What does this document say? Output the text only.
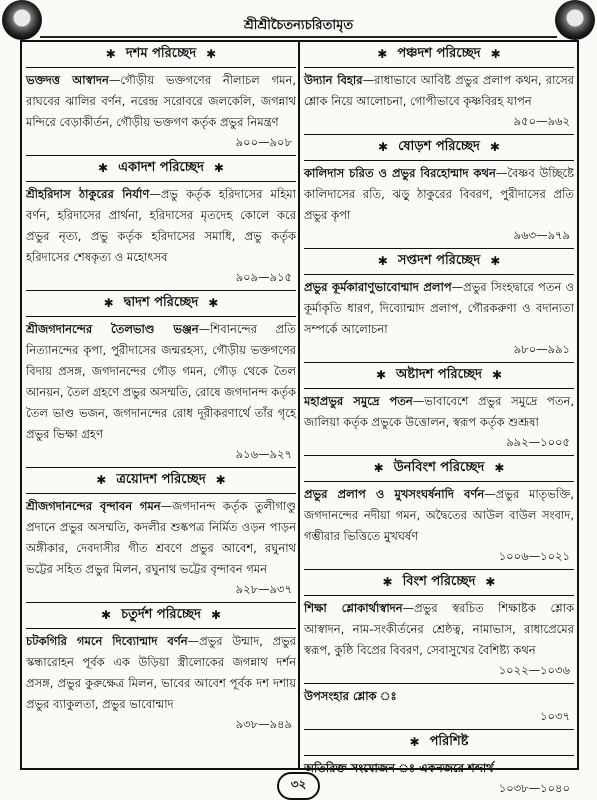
শ্রীশ্রীচৈতন্যচরিতামৃত
✱ দশম পরিচ্ছেদ ✱
ভক্তদত্ত আস্বাদন—গৌড়ীয় ভক্তগণের নীলাচল গমন, রাঘবের ঝালির বর্ণন, নরেন্দ্র সরোবরে জলকেলি, জগন্নাথ মন্দিরে বেড়াকীর্তন, গৌড়ীয় ভক্তগণ কর্তৃক প্রভুর নিমন্ত্রণ
৯০০—৯০৮
✱ একাদশ পরিচ্ছেদ ✱
শ্রীহরিদাস ঠাকুরের নির্যাণ—প্রভু কর্তৃক হরিদাসের মহিমা বর্ণন, হরিদাসের প্রার্থনা, হরিদাসের মৃতদেহ কোলে করে প্রভুর নৃত্য, প্রভু কর্তৃক হরিদাসের সমাধি, প্রভু কর্তৃক হরিদাসের শেষকৃত্য ও মহোৎসব
৯০৯—৯১৫
✱ দ্বাদশ পরিচ্ছেদ ✱
শ্রীজগদানন্দের তৈলভাণ্ড ভঞ্জন—শিবানন্দের প্রতি নিত্যানন্দের কৃপা, পুরীদাসের জন্মরহস্য, গৌড়ীয় ভক্তগণের বিদায় প্রসঙ্গ, জগদানন্দের গৌড় গমন, গৌড় থেকে তৈল আনয়ন, তৈল গ্রহণে প্রভুর অসম্মতি, রোষে জগদানন্দ কর্তৃক তৈল ভাণ্ড ভজন, জগদানন্দের রোধ দূরীকরণার্থে তাঁর গৃহে প্রভুর ভিক্ষা গ্রহণ
৯১৬—৯২৭
✱ ত্রয়োদশ পরিচ্ছেদ ✱
শ্রীজগদানন্দের বৃন্দাবন গমন—জগদানন্দ কর্তৃক তুলীগাণ্ডু প্রদানে প্রভুর অসম্মতি, কদলীর শুষ্কপত্র নির্মিত ওড়ন পাড়ন অঙ্গীকার, দেবদাসীর গীত শ্রবণে প্রভুর আবেশ, রঘুনাথ ভট্টের সহিত প্রভুর মিলন, রঘুনাথ ভট্টের বৃন্দাবন গমন
৯২৮—৯৩৭
✱ চতুর্দশ পরিচ্ছেদ ✱
চটকগিরি গমনে দিব্যোন্মাদ বর্ণন—প্রভুর উন্মাদ, প্রভুর স্কন্ধারোহন পূর্বক এক উড়িয়া স্ত্রীলোকের জগন্নাথ দর্শন প্রসঙ্গ, প্রভুর কুরুক্ষেত্র মিলন, ভাবের আবেশ পূর্বক দশ দশায় প্রভুর ব্যাকুলতা, প্রভুর ভাবোন্মাদ
৯৩৮—৯৪৯
✱ পঞ্চদশ পরিচ্ছেদ ✱
উদ্যান বিহার—রাধাভাবে আবিষ্ট প্রভুর প্রলাপ কথন, রাসের শ্লোক নিয়ে আলোচনা, গোপীভাবে কৃষ্ণবিরহ যাপন
৯৫০—৯৬২
✱ ষোড়শ পরিচ্ছেদ ✱
কালিদাস চরিত ও প্রভুর বিরহোন্মাদ কথন—বৈষ্ণব উচ্ছিষ্টে কালিদাসের রতি, ঝড়ু ঠাকুরের বিবরণ, পুরীদাসের প্রতি প্রভুর কৃপা
৯৬৩—৯৭৯
✱ সপ্তদশ পরিচ্ছেদ ✱
প্রভুর কূর্মকারাণুভাবোন্মাদ প্রলাপ—প্রভুর সিংহদ্বারে পতন ও কূর্মাকৃতি ধারণ, দিব্যোন্মাদ প্রলাপ, গৌরকরুণা ও বদান্যতা সম্পর্কে আলোচনা
৯৮০—৯৯১
✱ অষ্টাদশ পরিচ্ছেদ ✱
মহাপ্রভুর সমুদ্রে পতন—ভাবাবেশে প্রভুর সমুদ্রে পতন, জালিয়া কর্তৃক প্রভুকে উত্তোলন, স্বরূপ কর্তৃক শুশ্রূষা
৯৯২—১০০৫
✱ উনবিংশ পরিচ্ছেদ ✱
প্রভুর প্রলাপ ও মুখসংঘর্ষনাদি বর্ণন—প্রভুর মাতৃভক্তি, জগদানন্দের নদীয়া গমন, অদ্বৈতের আউল বাউল সংবাদ, গম্ভীরার ভিত্তিতে মুখঘর্ষণ
১০০৬—১০২১
✱ বিংশ পরিচ্ছেদ ✱
শিক্ষা শ্লোকার্থাস্বাদন—প্রভুর স্বরচিত শিক্ষাষ্টক শ্লোক আস্বাদন, নাম-সংকীর্তনের শ্রেষ্ঠত্ব, নামাভাস, রাধাপ্রেমের স্বরূপ, কুষ্ঠি বিপ্রের বিবরণ, সেবাসুখের বৈশিষ্ট্য কথন
১০২২—১০৩৬
উপসংহার শ্লোক ঃ
১০৩৭
✱ পরিশিষ্ট
অতিরিক্ত সংযোজন ঃ একনজরে শব্দার্থ
১০৩৮—১০৪০
৩২
